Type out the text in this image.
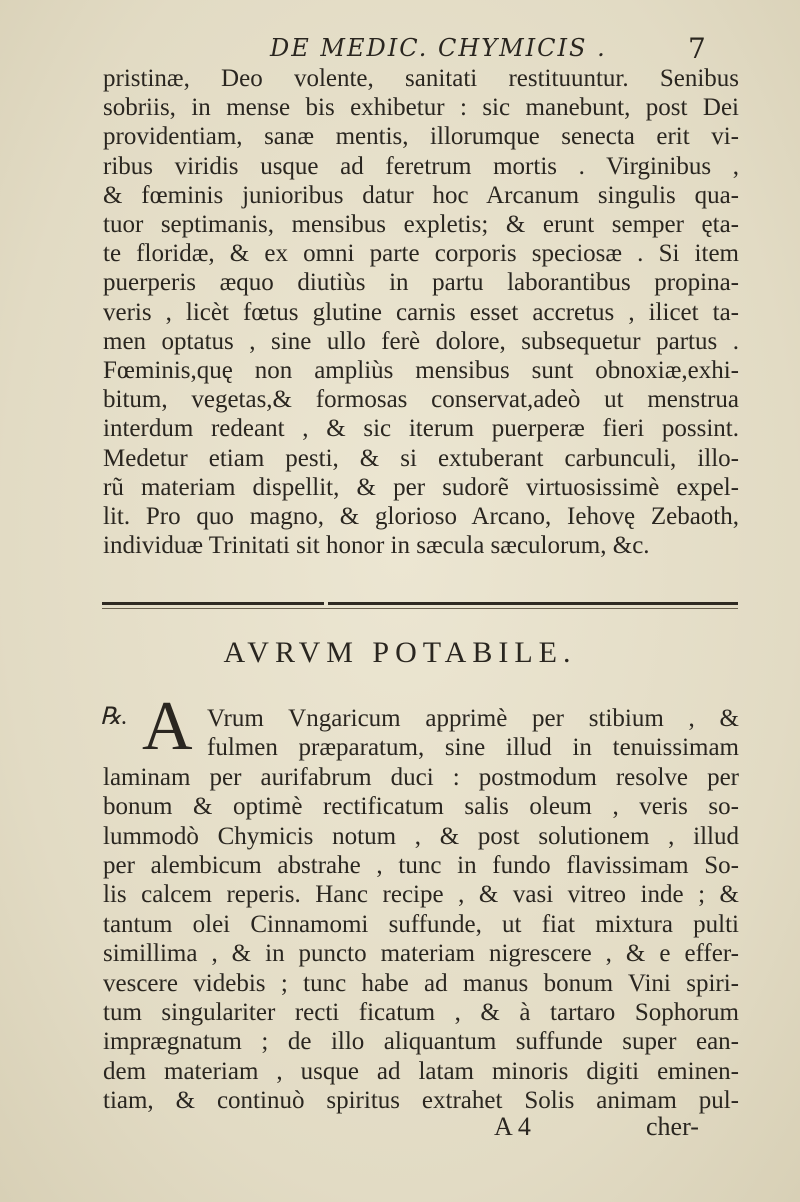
DE MEDIC. CHYMICIS .	7
pristinæ, Deo volente, sanitati restituuntur. Senibus
sobriis, in mense bis exhibetur : sic manebunt, post Dei
providentiam, sanæ mentis, illorumque senecta erit vi-
ribus viridis usque ad feretrum mortis . Virginibus ,
& fœminis junioribus datur hoc Arcanum singulis qua-
tuor septimanis, mensibus expletis; & erunt semper ęta-
te floridæ, & ex omni parte corporis speciosæ . Si item
puerperis æquo diutiùs in partu laborantibus propina-
veris , licèt fœtus glutine carnis esset accretus , ilicet ta-
men optatus , sine ullo ferè dolore, subsequetur partus .
Fœminis,quę non ampliùs mensibus sunt obnoxiæ,exhi-
bitum, vegetas,& formosas conservat,adeò ut menstrua
interdum redeant , & sic iterum puerperæ fieri possint.
Medetur etiam pesti, & si extuberant carbunculi, illo-
rũ materiam dispellit, & per sudorẽ virtuosissimè expel-
lit. Pro quo magno, & glorioso Arcano, Iehovę Zebaoth,
individuæ Trinitati sit honor in sæcula sæculorum, &c.
AVRVM POTABILE.
℞. A Vrum Vngaricum apprimè per stibium , &
fulmen præparatum, sine illud in tenuissimam
laminam per aurifabrum duci : postmodum resolve per
bonum & optimè rectificatum salis oleum , veris so-
lummodò Chymicis notum , & post solutionem , illud
per alembicum abstrahe , tunc in fundo flavissimam So-
lis calcem reperis. Hanc recipe , & vasi vitreo inde ; &
tantum olei Cinnamomi suffunde, ut fiat mixtura pulti
simillima , & in puncto materiam nigrescere , & e effer-
vescere videbis ; tunc habe ad manus bonum Vini spiri-
tum singulariter recti ficatum , & à tartaro Sophorum
imprægnatum ; de illo aliquantum suffunde super ean-
dem materiam , usque ad latam minoris digiti eminen-
tiam, & continuò spiritus extrahet Solis animam pul-
A 4	cher-
